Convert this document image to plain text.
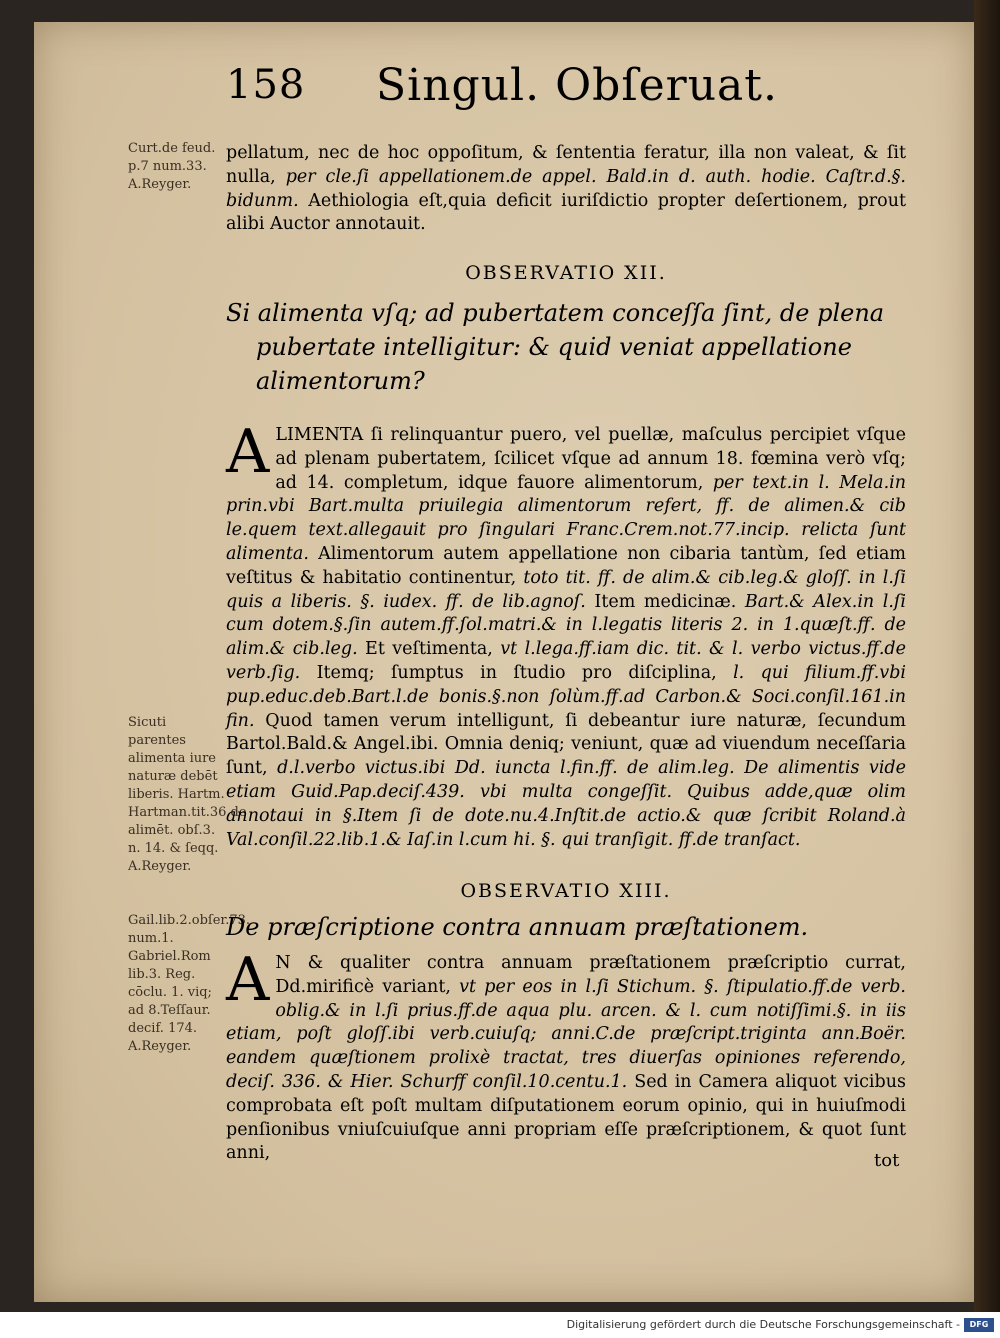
158 Singul. Obſeruat.
Curt.de feud. p.7 num.33. A.Reyger.
Sicuti parentes alimenta iure naturæ debēt liberis. Hartm. Hartman.tit.36.de alimēt. obſ.3. n. 14. & ſeqq. A.Reyger.
Gail.lib.2.obſer.73. num.1. Gabriel.Rom lib.3. Reg. cōclu. 1. viq; ad 8.Teſſaur. decif. 174. A.Reyger.

pellatum, nec de hoc oppoſitum, & ſententia feratur, illa non valeat, & ſit nulla, per cle.ſi appellationem.de appel. Bald.in d. auth. hodie. Caſtr.d.§. bidunm. Aethiologia eſt,quia deficit iuriſdictio propter deſertionem, prout alibi Auctor annotauit.

OBSERVATIO XII.
Si alimenta vſq; ad pubertatem conceſſa ſint, de plena
pubertate intelligitur: & quid veniat appellatione
alimentorum?

A LIMENTA ſi relinquantur puero, vel puellæ, maſculus percipiet vſque ad plenam pubertatem, ſcilicet vſque ad annum 18. fœmina verò vſq; ad 14. completum, idque fauore alimentorum, per text.in l. Mela.in prin.vbi Bart.multa priuilegia alimentorum refert, ff. de alimen.& cib le.quem text.allegauit pro ſingulari Franc.Crem.not.77.incip. relicta ſunt alimenta. Alimentorum autem appellatione non cibaria tantùm, ſed etiam veſtitus & habitatio continentur, toto tit. ff. de alim.& cib.leg.& gloſſ. in l.ſi quis a liberis. §. iudex. ff. de lib.agnoſ. Item medicinæ. Bart.& Alex.in l.ſi cum dotem.§.ſin autem.ff.ſol.matri.& in l.legatis literis 2. in 1.quæſt.ff. de alim.& cib.leg. Et veſtimenta, vt l.lega.ff.iam dic. tit. & l. verbo victus.ff.de verb.ſig. Itemq; ſumptus in ſtudio pro diſciplina, l. qui filium.ff.vbi pup.educ.deb.Bart.l.de bonis.§.non ſolùm.ff.ad Carbon.& Soci.conſil.161.in fin. Quod tamen verum intelligunt, ſi debeantur iure naturæ, ſecundum Bartol.Bald.& Angel.ibi. Omnia deniq; veniunt, quæ ad viuendum neceſſaria ſunt, d.l.verbo victus.ibi Dd. iuncta l.fin.ff. de alim.leg. De alimentis vide etiam Guid.Pap.deciſ.439. vbi multa congeſſit. Quibus adde,quæ olim annotaui in §.Item ſi de dote.nu.4.Inſtit.de actio.& quæ ſcribit Roland.à Val.conſil.22.lib.1.& Iaſ.in l.cum hi. §. qui tranſigit. ff.de tranſact.

OBSERVATIO XIII.
De præſcriptione contra annuam præſtationem.

A N & qualiter contra annuam præſtationem præſcriptio currat, Dd.mirificè variant, vt per eos in l.ſi Stichum. §. ſtipulatio.ff.de verb. oblig.& in l.ſi prius.ff.de aqua plu. arcen. & l. cum notiſſimi.§. in iis etiam, poſt gloſſ.ibi verb.cuiuſq; anni.C.de præſcript.triginta ann.Boër. eandem quæſtionem prolixè tractat, tres diuerſas opiniones referendo, deciſ. 336. & Hier. Schurff conſil.10.centu.1. Sed in Camera aliquot vicibus comprobata eſt poſt multam diſputationem eorum opinio, qui in huiuſmodi penſionibus vniuſcuiuſque anni propriam eſſe præſcriptionem, & quot ſunt anni,	tot
Digitalisierung gefördert durch die Deutsche Forschungsgemeinschaft -	DFG
